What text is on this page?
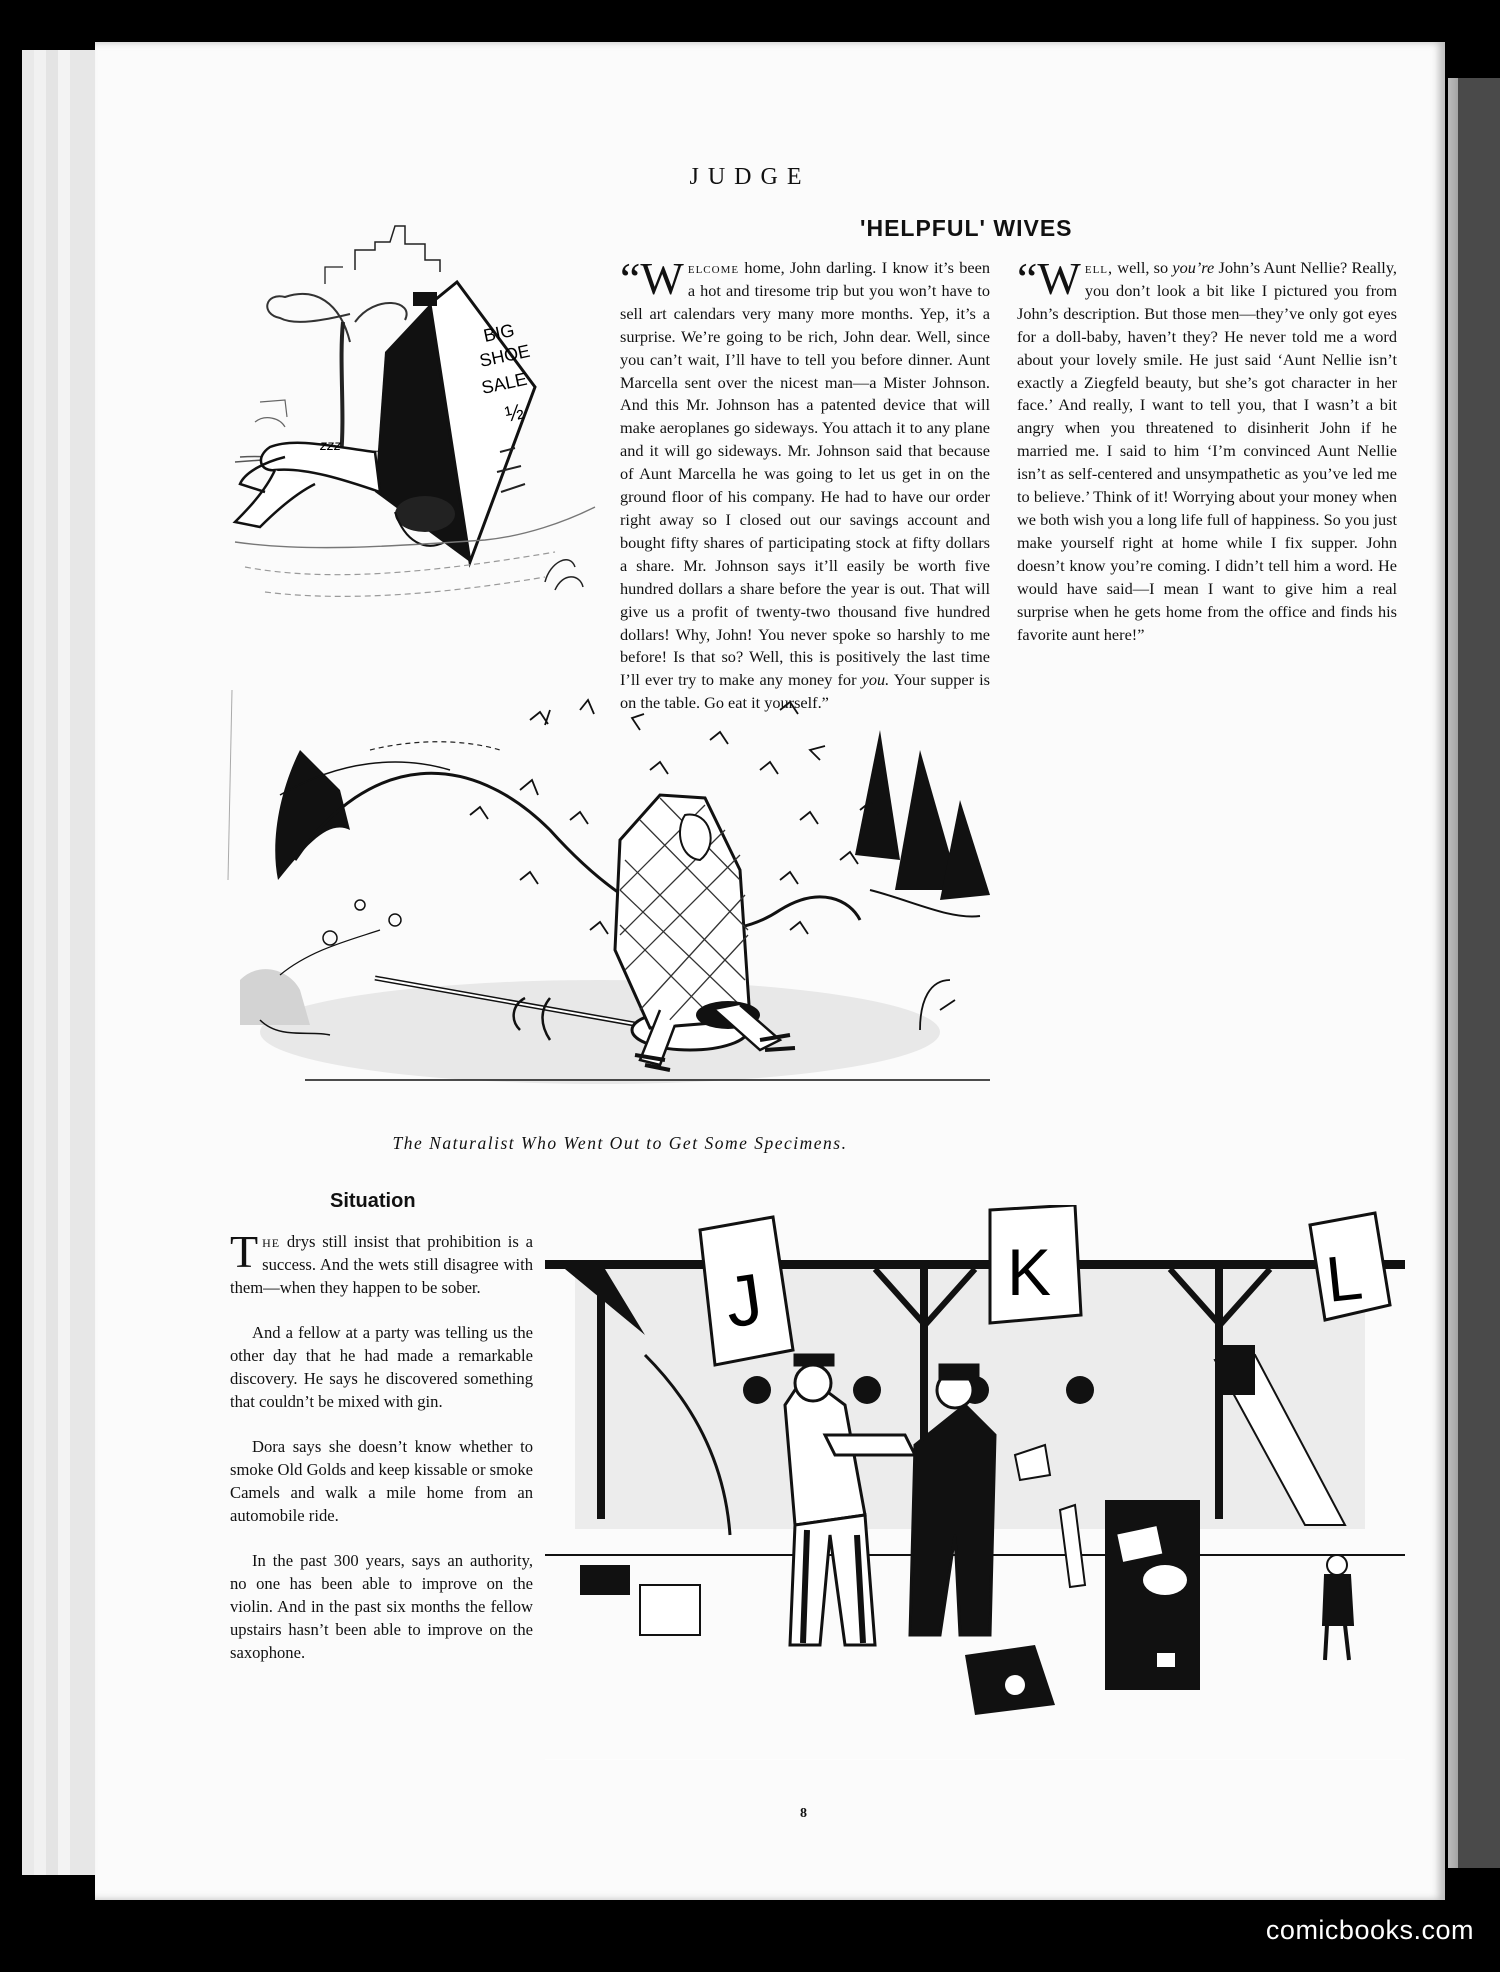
JUDGE
'HELPFUL' WIVES
BIG
SHOE
SALE
½
zzz

“Welcome home, John darling. I know it’s been a hot and tiresome trip but you won’t have to sell art calendars very many more months. Yep, it’s a surprise. We’re going to be rich, John dear. Well, since you can’t wait, I’ll have to tell you before dinner. Aunt Marcella sent over the nicest man—a Mister Johnson. And this Mr. Johnson has a patented device that will make aeroplanes go sideways. You attach it to any plane and it will go sideways. Mr. Johnson said that because of Aunt Marcella he was going to let us get in on the ground floor of his company. He had to have our order right away so I closed out our savings account and bought fifty shares of participating stock at fifty dollars a share. Mr. Johnson says it’ll easily be worth five hundred dollars a share before the year is out. That will give us a profit of twenty-two thousand five hundred dollars! Why, John! You never spoke so harshly to me before! Is that so? Well, this is positively the last time I’ll ever try to make any money for you. Your supper is on the table. Go eat it yourself.”

The Naturalist Who Went Out to Get Some Specimens.

“Well, well, so you’re John’s Aunt Nellie? Really, you don’t look a bit like I pictured you from John’s description. But those men—they’ve only got eyes for a doll-baby, haven’t they? He never told me a word about your lovely smile. He just said ‘Aunt Nellie isn’t exactly a Ziegfeld beauty, but she’s got character in her face.’ And really, I want to tell you, that I wasn’t a bit angry when you threatened to disinherit John if he married me. I said to him ‘I’m convinced Aunt Nellie isn’t as self-centered and unsympathetic as you’ve led me to believe.’ Think of it! Worrying about your money when we both wish you a long life full of happiness. So you just make yourself right at home while I fix supper. John doesn’t know you’re coming. I didn’t tell him a word. He would have said—I mean I want to give him a real surprise when he gets home from the office and finds his favorite aunt here!”

Situation

The drys still insist that prohibition is a success. And the wets still disagree with them—when they happen to be sober.

And a fellow at a party was telling us the other day that he had made a remarkable discovery. He says he discovered something that couldn’t be mixed with gin.

Dora says she doesn’t know whether to smoke Old Golds and keep kissable or smoke Camels and walk a mile home from an automobile ride.

In the past 300 years, says an authority, no one has been able to improve on the violin. And in the past six months the fellow upstairs hasn’t been able to improve on the saxophone.

J	K	L
8
comicbooks.com
